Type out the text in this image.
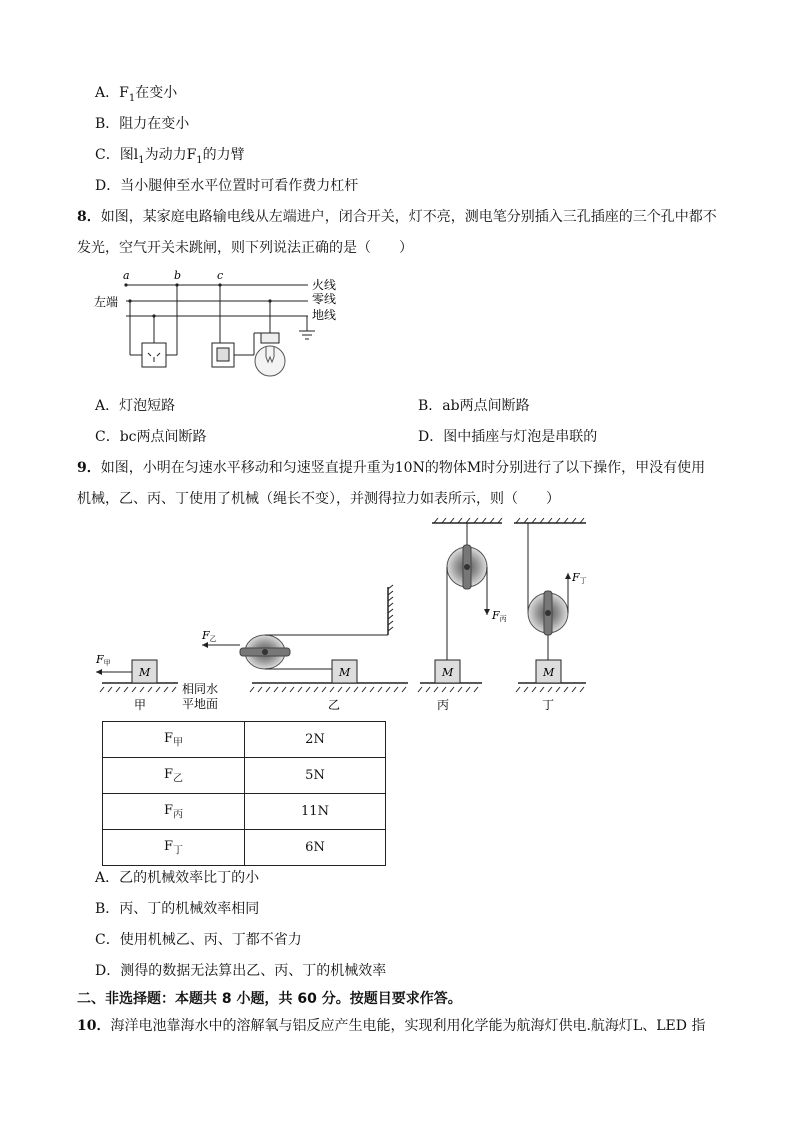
A．$F_1$在变小
B．阻力在变小
C．图$l_1$为动力$F_1$的力臂
D．当小腿伸至水平位置时可看作费力杠杆
8．如图，某家庭电路输电线从左端进户，闭合开关，灯不亮，测电笔分别插入三孔插座的三个孔中都不
发光，空气开关未跳闸，则下列说法正确的是（　　）
a	b	c
左端
火线
零线
地线
A．灯泡短路	B．ab两点间断路
C．bc两点间断路	D．图中插座与灯泡是串联的
9．如图，小明在匀速水平移动和匀速竖直提升重为10N的物体M时分别进行了以下操作，甲没有使用
机械，乙、丙、丁使用了机械（绳长不变），并测得拉力如表所示，则（　　）
M
F甲
M
F乙
F丙
M
F丁
M
相同水
平地面
甲	乙	丙	丁
$F_甲$	2N
$F_乙$	5N
$F_丙$	11N
$F_丁$	6N
A．乙的机械效率比丁的小
B．丙、丁的机械效率相同
C．使用机械乙、丙、丁都不省力
D．测得的数据无法算出乙、丙、丁的机械效率
二、非选择题：本题共 8 小题，共 60 分。按题目要求作答。
10．海洋电池靠海水中的溶解氧与铝反应产生电能，实现利用化学能为航海灯供电.航海灯L、LED 指
